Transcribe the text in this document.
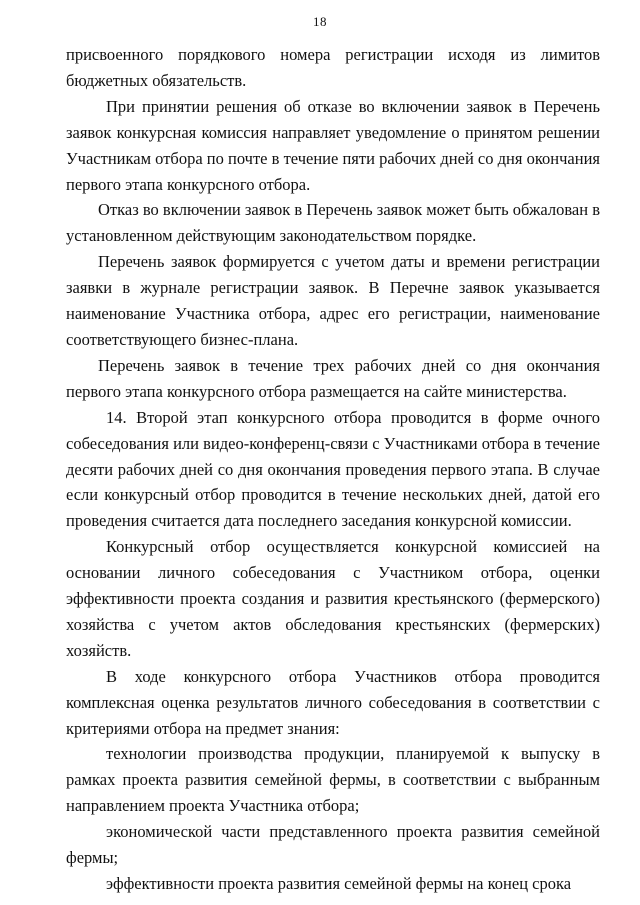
18

присвоенного порядкового номера регистрации исходя из лимитов бюджетных обязательств.

При принятии решения об отказе во включении заявок в Перечень заявок конкурсная комиссия направляет уведомление о принятом решении Участникам отбора по почте в течение пяти рабочих дней со дня окончания первого этапа конкурсного отбора.

Отказ во включении заявок в Перечень заявок может быть обжалован в установленном действующим законодательством порядке.

Перечень заявок формируется с учетом даты и времени регистрации заявки в журнале регистрации заявок. В Перечне заявок указывается наименование Участника отбора, адрес его регистрации, наименование соответствующего бизнес-плана.

Перечень заявок в течение трех рабочих дней со дня окончания первого этапа конкурсного отбора размещается на сайте министерства.

14. Второй этап конкурсного отбора проводится в форме очного собеседования или видео-конференц-связи с Участниками отбора в течение десяти рабочих дней со дня окончания проведения первого этапа. В случае если конкурсный отбор проводится в течение нескольких дней, датой его проведения считается дата последнего заседания конкурсной комиссии.

Конкурсный отбор осуществляется конкурсной комиссией на основании личного собеседования с Участником отбора, оценки эффективности проекта создания и развития крестьянского (фермерского) хозяйства с учетом актов обследования крестьянских (фермерских) хозяйств.

В ходе конкурсного отбора Участников отбора проводится комплексная оценка результатов личного собеседования в соответствии с критериями отбора на предмет знания:

технологии производства продукции, планируемой к выпуску в рамках проекта развития семейной фермы, в соответствии с выбранным направлением проекта Участника отбора;

экономической части представленного проекта развития семейной фермы;

эффективности проекта развития семейной фермы на конец срока
